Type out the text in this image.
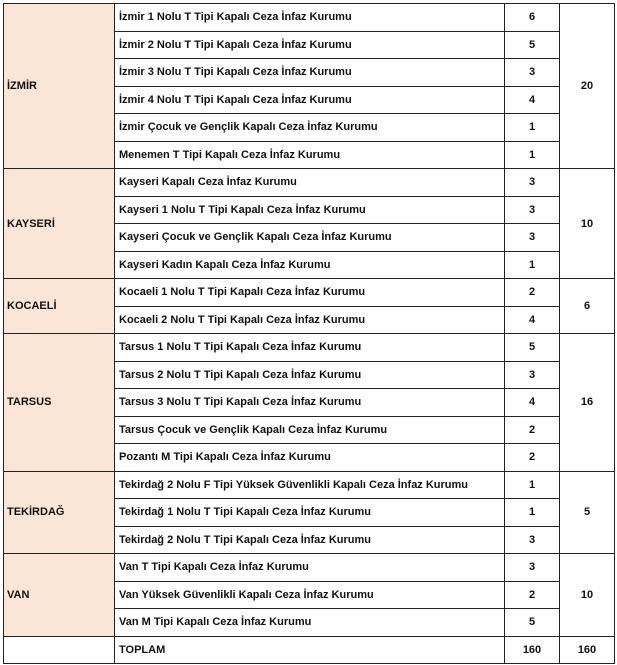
İZMİR	İzmir 1 Nolu T Tipi Kapalı Ceza İnfaz Kurumu	6	20
	İzmir 2 Nolu T Tipi Kapalı Ceza İnfaz Kurumu	5	
	İzmir 3 Nolu T Tipi Kapalı Ceza İnfaz Kurumu	3	
	İzmir 4 Nolu T Tipi Kapalı Ceza İnfaz Kurumu	4	
	İzmir Çocuk ve Gençlik Kapalı Ceza İnfaz Kurumu	1	
	Menemen T Tipi Kapalı Ceza İnfaz Kurumu	1	
KAYSERİ	Kayseri Kapalı Ceza İnfaz Kurumu	3	10
	Kayseri 1 Nolu T Tipi Kapalı Ceza İnfaz Kurumu	3	
	Kayseri Çocuk ve Gençlik Kapalı Ceza İnfaz Kurumu	3	
	Kayseri Kadın Kapalı Ceza İnfaz Kurumu	1	
KOCAELİ	Kocaeli 1 Nolu T Tipi Kapalı Ceza İnfaz Kurumu	2	6
	Kocaeli 2 Nolu T Tipi Kapalı Ceza İnfaz Kurumu	4	
TARSUS	Tarsus 1 Nolu T Tipi Kapalı Ceza İnfaz Kurumu	5	16
	Tarsus 2 Nolu T Tipi Kapalı Ceza İnfaz Kurumu	3	
	Tarsus 3 Nolu T Tipi Kapalı Ceza İnfaz Kurumu	4	
	Tarsus Çocuk ve Gençlik Kapalı Ceza İnfaz Kurumu	2	
	Pozantı M Tipi Kapalı Ceza İnfaz Kurumu	2	
TEKİRDAĞ	Tekirdağ 2 Nolu F Tipi Yüksek Güvenlikli Kapalı Ceza İnfaz Kurumu	1	5
	Tekirdağ 1 Nolu T Tipi Kapalı Ceza İnfaz Kurumu	1	
	Tekirdağ 2 Nolu T Tipi Kapalı Ceza İnfaz Kurumu	3	
VAN	Van T Tipi Kapalı Ceza İnfaz Kurumu	3	10
	Van Yüksek Güvenlikli Kapalı Ceza İnfaz Kurumu	2	
	Van M Tipi Kapalı Ceza İnfaz Kurumu	5	
	TOPLAM	160	160
